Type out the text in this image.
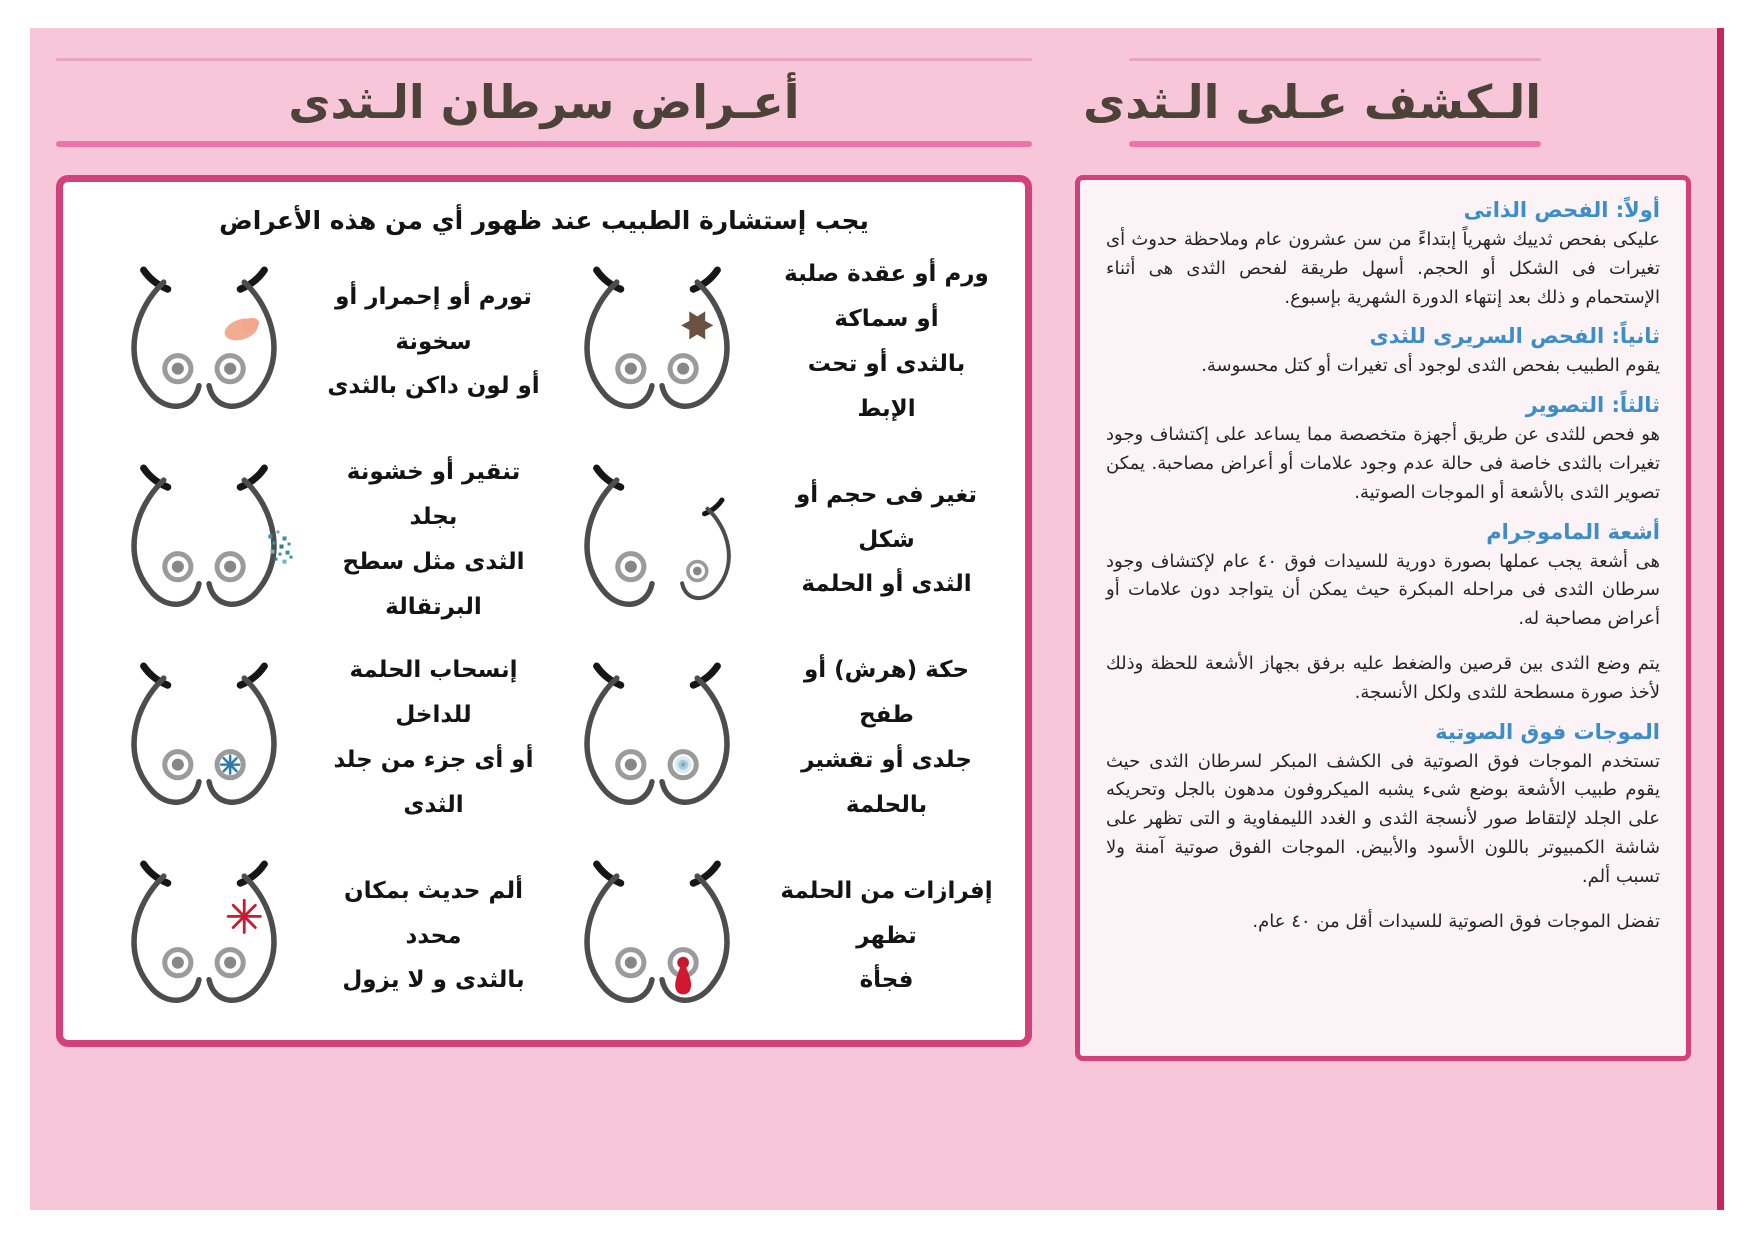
أعـراض سرطان الـثدى

يجب إستشارة الطبيب عند ظهور أي من هذه الأعراض

ورم أو عقدة صلبة أو سماكة
بالثدى أو تحت الإبط
تورم أو إحمرار أو سخونة
أو لون داكن بالثدى
تغير فى حجم أو شكل
الثدى أو الحلمة
تنقير أو خشونة بجلد
الثدى مثل سطح البرتقالة
حكة (هرش) أو طفح
جلدى أو تقشير بالحلمة
إنسحاب الحلمة للداخل
أو أى جزء من جلد الثدى
إفرازات من الحلمة تظهر
فجأة
ألم حديث بمكان محدد
بالثدى و لا يزول
الـكشف عـلى الـثدى
أولاً: الفحص الذاتى

عليكى بفحص ثدييك شهرياً إبتداءً من سن عشرون عام وملاحظة حدوث أى تغيرات فى الشكل أو الحجم. أسهل طريقة لفحص الثدى هى أثناء الإستحمام و ذلك بعد إنتهاء الدورة الشهرية بإسبوع.

ثانياً: الفحص السريرى للثدى

يقوم الطبيب بفحص الثدى لوجود أى تغيرات أو كتل محسوسة.

ثالثاً: التصوير

هو فحص للثدى عن طريق أجهزة متخصصة مما يساعد على إكتشاف وجود تغيرات بالثدى خاصة فى حالة عدم وجود علامات أو أعراض مصاحبة. يمكن تصوير الثدى بالأشعة أو الموجات الصوتية.

أشعة الماموجرام

هى أشعة يجب عملها بصورة دورية للسيدات فوق ٤٠ عام لإكتشاف وجود سرطان الثدى فى مراحله المبكرة حيث يمكن أن يتواجد دون علامات أو أعراض مصاحبة له.

يتم وضع الثدى بين قرصين والضغط عليه برفق بجهاز الأشعة للحظة وذلك لأخذ صورة مسطحة للثدى ولكل الأنسجة.

الموجات فوق الصوتية

تستخدم الموجات فوق الصوتية فى الكشف المبكر لسرطان الثدى حيث يقوم طبيب الأشعة بوضع شىء يشبه الميكروفون مدهون بالجل وتحريكه على الجلد لإلتقاط صور لأنسجة الثدى و الغدد الليمفاوية و التى تظهر على شاشة الكمبيوتر باللون الأسود والأبيض. الموجات الفوق صوتية آمنة ولا تسبب ألم.

تفضل الموجات فوق الصوتية للسيدات أقل من ٤٠ عام.
